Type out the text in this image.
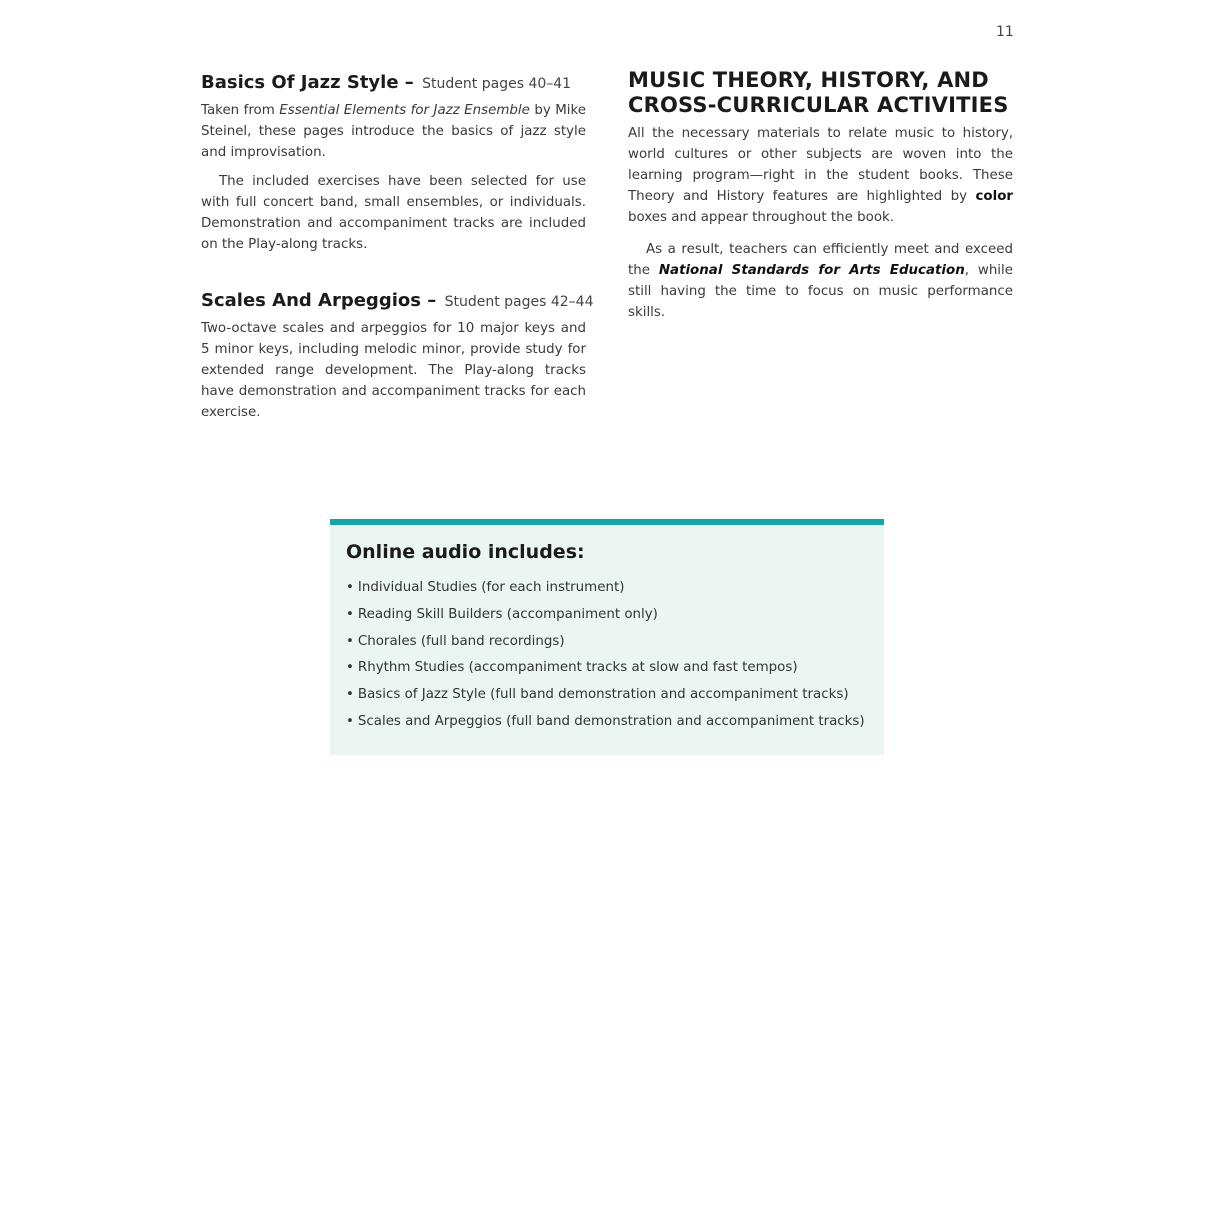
11
Basics Of Jazz Style – Student pages 40–41

Taken from Essential Elements for Jazz Ensemble by Mike Steinel, these pages introduce the basics of jazz style and improvisation.

The included exercises have been selected for use with full concert band, small ensembles, or individuals. Demonstration and accompaniment tracks are included on the Play-along tracks.

Scales And Arpeggios – Student pages 42–44

Two-octave scales and arpeggios for 10 major keys and 5 minor keys, including melodic minor, provide study for extended range development. The Play-along tracks have demonstration and accompaniment tracks for each exercise.

MUSIC THEORY, HISTORY, AND
CROSS-CURRICULAR ACTIVITIES

All the necessary materials to relate music to history, world cultures or other subjects are woven into the learning program—right in the student books. These Theory and History features are highlighted by color boxes and appear throughout the book.

As a result, teachers can efficiently meet and exceed the National Standards for Arts Education, while still having the time to focus on music performance skills.

Online audio includes:
• Individual Studies (for each instrument)
• Reading Skill Builders (accompaniment only)
• Chorales (full band recordings)
• Rhythm Studies (accompaniment tracks at slow and fast tempos)
• Basics of Jazz Style (full band demonstration and accompaniment tracks)
• Scales and Arpeggios (full band demonstration and accompaniment tracks)
